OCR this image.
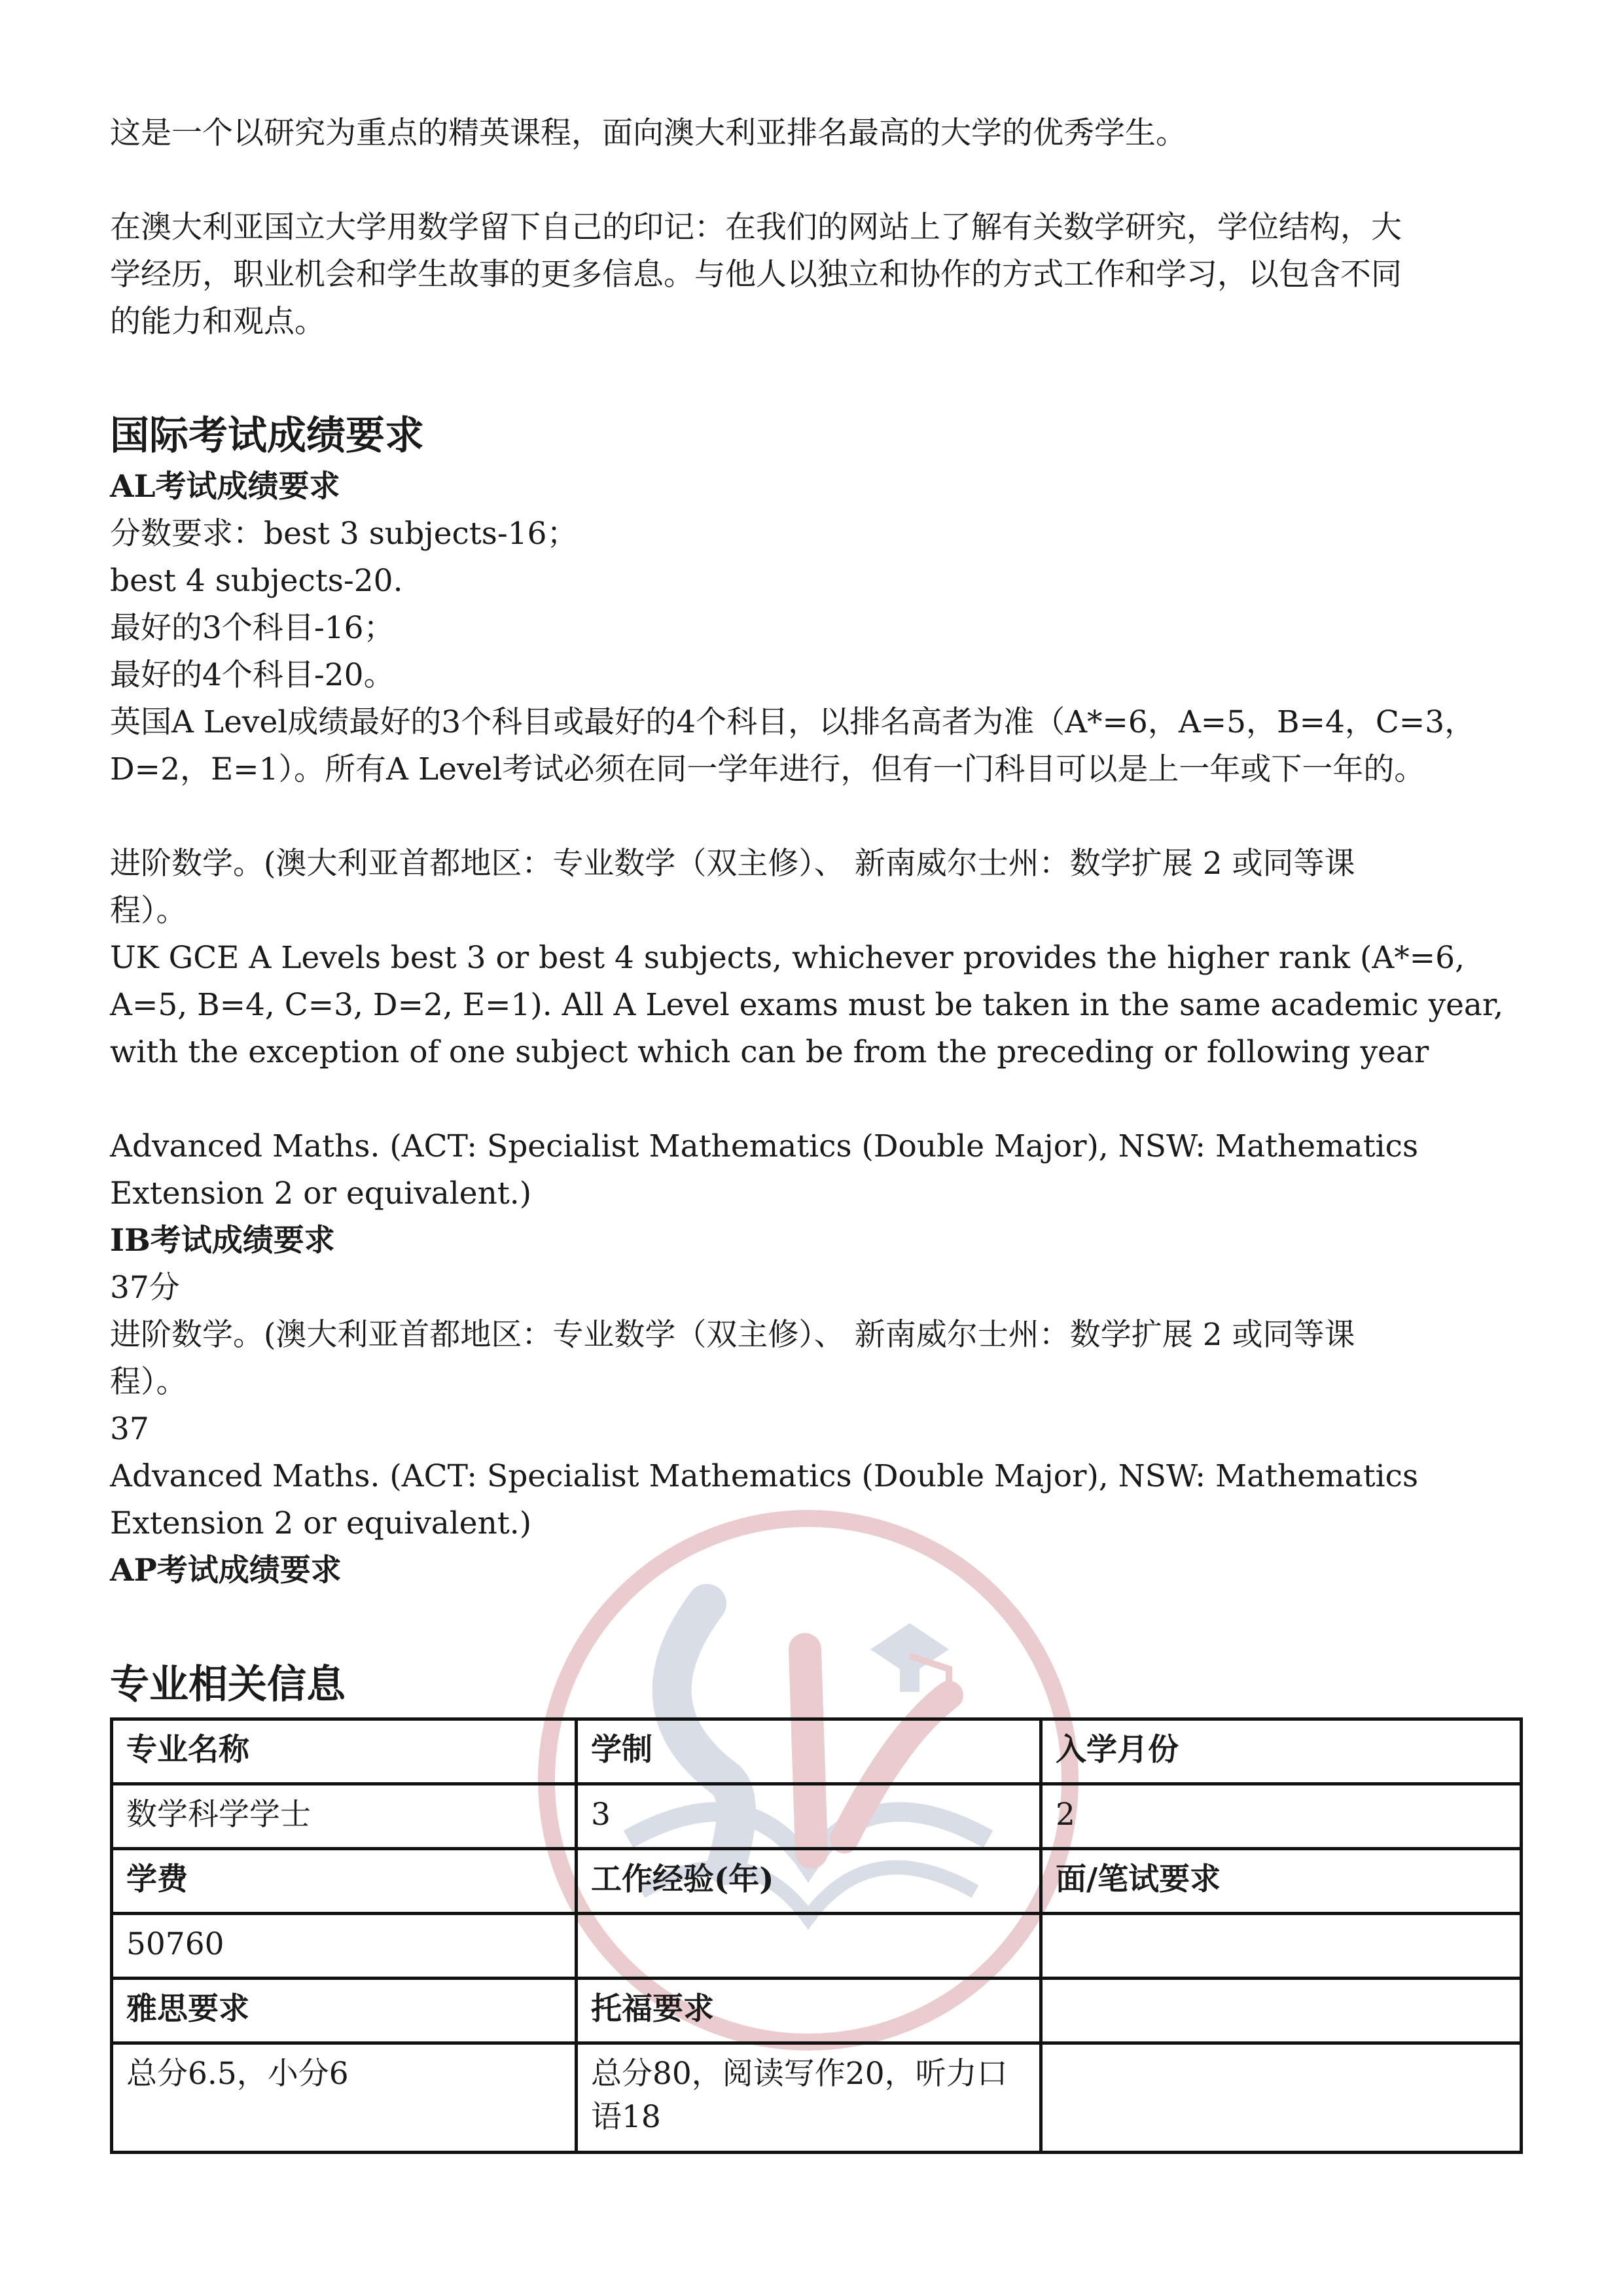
这是一个以研究为重点的精英课程，面向澳大利亚排名最高的大学的优秀学生。

在澳大利亚国立大学用数学留下自己的印记：在我们的网站上了解有关数学研究，学位结构，大

学经历，职业机会和学生故事的更多信息。与他人以独立和协作的方式工作和学习，以包含不同

的能力和观点。

国际考试成绩要求

AL考试成绩要求

分数要求：best 3 subjects-16；

best 4 subjects-20.

最好的3个科目-16；

最好的4个科目-20。

英国A Level成绩最好的3个科目或最好的4个科目，以排名高者为准（A*=6，A=5，B=4，C=3，

D=2，E=1）。所有A Level考试必须在同一学年进行，但有一门科目可以是上一年或下一年的。

进阶数学。(澳大利亚首都地区：专业数学（双主修）、 新南威尔士州：数学扩展 2 或同等课

程）。

UK GCE A Levels best 3 or best 4 subjects, whichever provides the higher rank (A*=6,

A=5, B=4, C=3, D=2, E=1). All A Level exams must be taken in the same academic year,

with the exception of one subject which can be from the preceding or following year

Advanced Maths. (ACT: Specialist Mathematics (Double Major), NSW: Mathematics

Extension 2 or equivalent.)

IB考试成绩要求

37分

进阶数学。(澳大利亚首都地区：专业数学（双主修）、 新南威尔士州：数学扩展 2 或同等课

程）。

37

Advanced Maths. (ACT: Specialist Mathematics (Double Major), NSW: Mathematics

Extension 2 or equivalent.)

AP考试成绩要求

专业相关信息

专业名称	学制	入学月份
数学科学学士	3	2
学费	工作经验(年)	面/笔试要求
50760		
雅思要求	托福要求	
总分6.5，小分6	总分80，阅读写作20，听力口语18	
